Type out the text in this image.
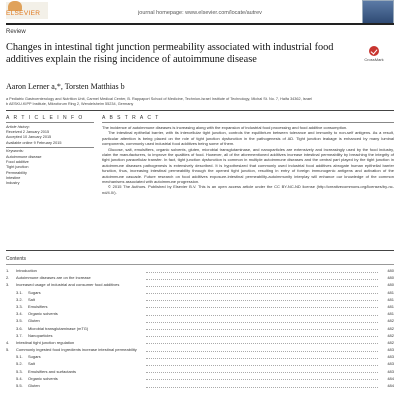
ELSEVIER	journal homepage: www.elsevier.com/locate/autrev
Review
Changes in intestinal tight junction permeability associated with industrial food additives explain the rising incidence of autoimmune disease	CrossMark
Aaron Lerner a,*, Torsten Matthias b
a Pediatric Gastroenterology and Nutrition Unit, Carmel Medical Center, B. Rappaport School of Medicine, Technion-Israel Institute of Technology, Michal St. No. 7, Haifa 34362, Israel
b AESKU.KIPP Institute, Mikroforum Ring 2, Wendelsheim 55234, Germany
A R T I C L E I N F O
Article history:
Received 2 January 2015
Accepted 10 January 2015
Available online 9 February 2015
Keywords:
Autoimmune disease
Food additive
Tight junction
Permeability
Intestine
Industry
A B S T R A C T

The incidence of autoimmune diseases is increasing along with the expansion of industrial food processing and food additive consumption.

The intestinal epithelial barrier, with its intercellular tight junction, controls the equilibrium between tolerance and immunity to non-self antigens. As a result, particular attention is being placed on the role of tight junction dysfunction in the pathogenesis of AD. Tight junction leakage is enhanced by many luminal components, commonly used industrial food additives being some of them.

Glucose, salt, emulsifiers, organic solvents, gluten, microbial transglutaminase, and nanoparticles are extensively and increasingly used by the food industry, claim the manufacturers, to improve the qualities of food. However, all of the aforementioned additives increase intestinal permeability by breaching the integrity of tight junction paracellular transfer. In fact, tight junction dysfunction is common in multiple autoimmune diseases and the central part played by the tight junction in autoimmune diseases pathogenesis is extensively described. It is hypothesized that commonly used industrial food additives abrogate human epithelial barrier function, thus, increasing intestinal permeability through the opened tight junction, resulting in entry of foreign immunogenic antigens and activation of the autoimmune cascade. Future research on food additives exposure-intestinal permeability-autoimmunity interplay will enhance our knowledge of the common mechanisms associated with autoimmune progression.

© 2015 The Authors. Published by Elsevier B.V. This is an open access article under the CC BY-NC-ND license (http://creativecommons.org/licenses/by-nc-nd/4.0/).

Contents
1. Introduction	480
2. Autoimmune diseases are on the increase	480
3. Increased usage of industrial and consumer food additives	480
3.1. Sugars	481
3.2. Salt	481
3.3. Emulsifiers	481
3.4. Organic solvents	481
3.5. Gluten	482
3.6. Microbial transglutaminase (mTG)	482
3.7. Nanoparticles	482
4. Intestinal tight junction regulation	482
5. Commonly ingested food ingredients increase intestinal permeability	483
5.1. Sugars	483
5.2. Salt	483
5.3. Emulsifiers and surfactants	483
5.4. Organic solvents	484
5.5. Gluten	484
